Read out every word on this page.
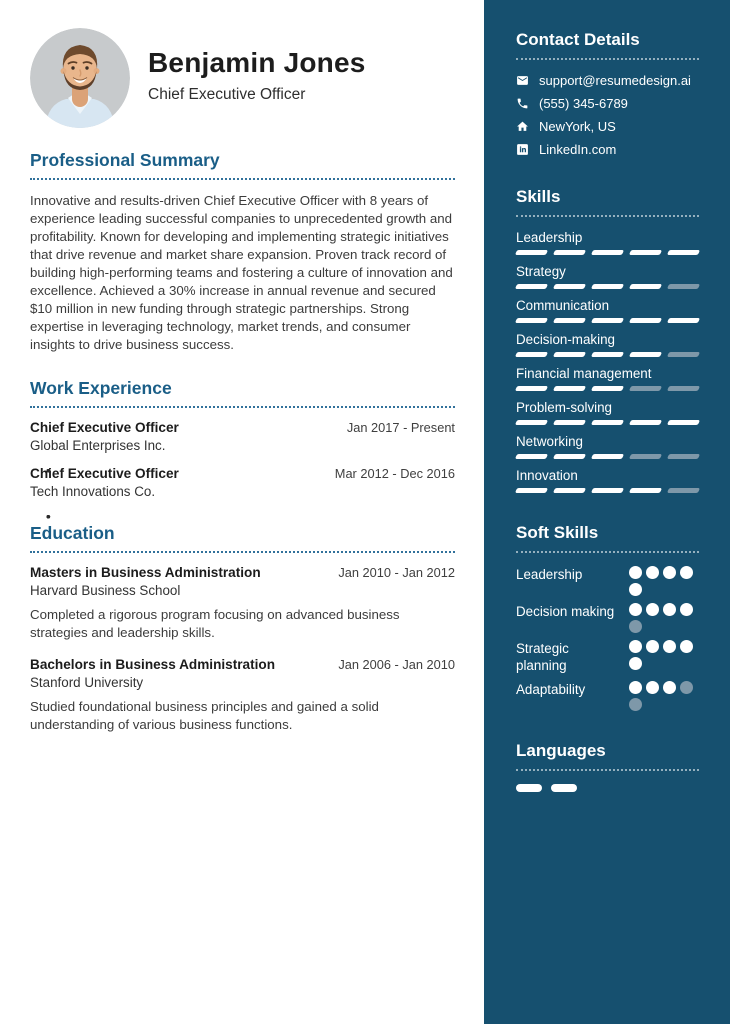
Benjamin Jones
Chief Executive Officer
Professional Summary

Innovative and results-driven Chief Executive Officer with 8 years of experience leading successful companies to unprecedented growth and profitability. Known for developing and implementing strategic initiatives that drive revenue and market share expansion. Proven track record of building high-performing teams and fostering a culture of innovation and excellence. Achieved a 30% increase in annual revenue and secured $10 million in new funding through strategic partnerships. Strong expertise in leveraging technology, market trends, and consumer insights to drive business success.

Work Experience
Chief Executive Officer	Jan 2017 - Present
Global Enterprises Inc.
Chief Executive Officer	Mar 2012 - Dec 2016
Tech Innovations Co.
Education
Masters in Business Administration	Jan 2010 - Jan 2012
Harvard Business School

Completed a rigorous program focusing on advanced business strategies and leadership skills.

Bachelors in Business Administration	Jan 2006 - Jan 2010
Stanford University

Studied foundational business principles and gained a solid understanding of various business functions.

Contact Details
support@resumedesign.ai
(555) 345-6789
NewYork, US
LinkedIn.com
Skills
Leadership
Strategy
Communication
Decision-making
Financial management
Problem-solving
Networking
Innovation
Soft Skills
Leadership
Decision making
Strategic planning
Adaptability
Languages
